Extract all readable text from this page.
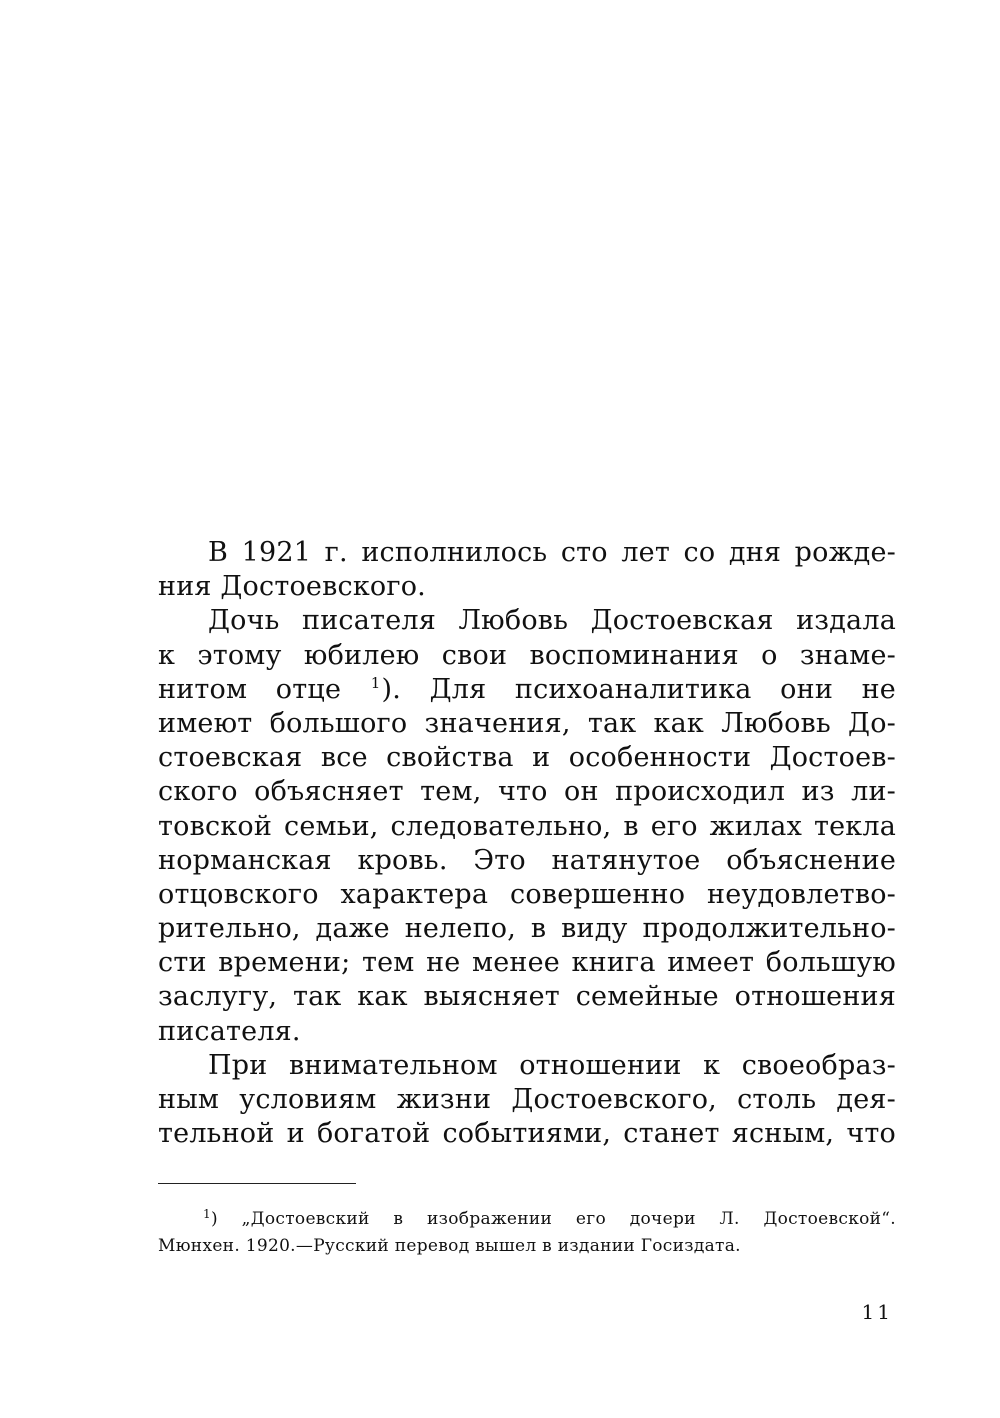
В 1921 г. исполнилось сто лет со дня рожде-
ния Достоевского.
Дочь писателя Любовь Достоевская издала
к этому юбилею свои воспоминания о знаме-
нитом отце $^1$). Для психоаналитика они не
имеют большого значения, так как Любовь До-
стоевская все свойства и особенности Достоев-
ского объясняет тем, что он происходил из ли-
товской семьи, следовательно, в его жилах текла
норманская кровь. Это натянутое объяснение
отцовского характера совершенно неудовлетво-
рительно, даже нелепо, в виду продолжительно-
сти времени; тем не менее книга имеет большую
заслугу, так как выясняет семейные отношения
писателя.
При внимательном отношении к своеобраз-
ным условиям жизни Достоевского, столь дея-
тельной и богатой событиями, станет ясным, что
$^1$) „Достоевский в изображении его дочери Л. Достоевской“.
Мюнхен. 1920.—Русский перевод вышел в издании Госиздата.
11
